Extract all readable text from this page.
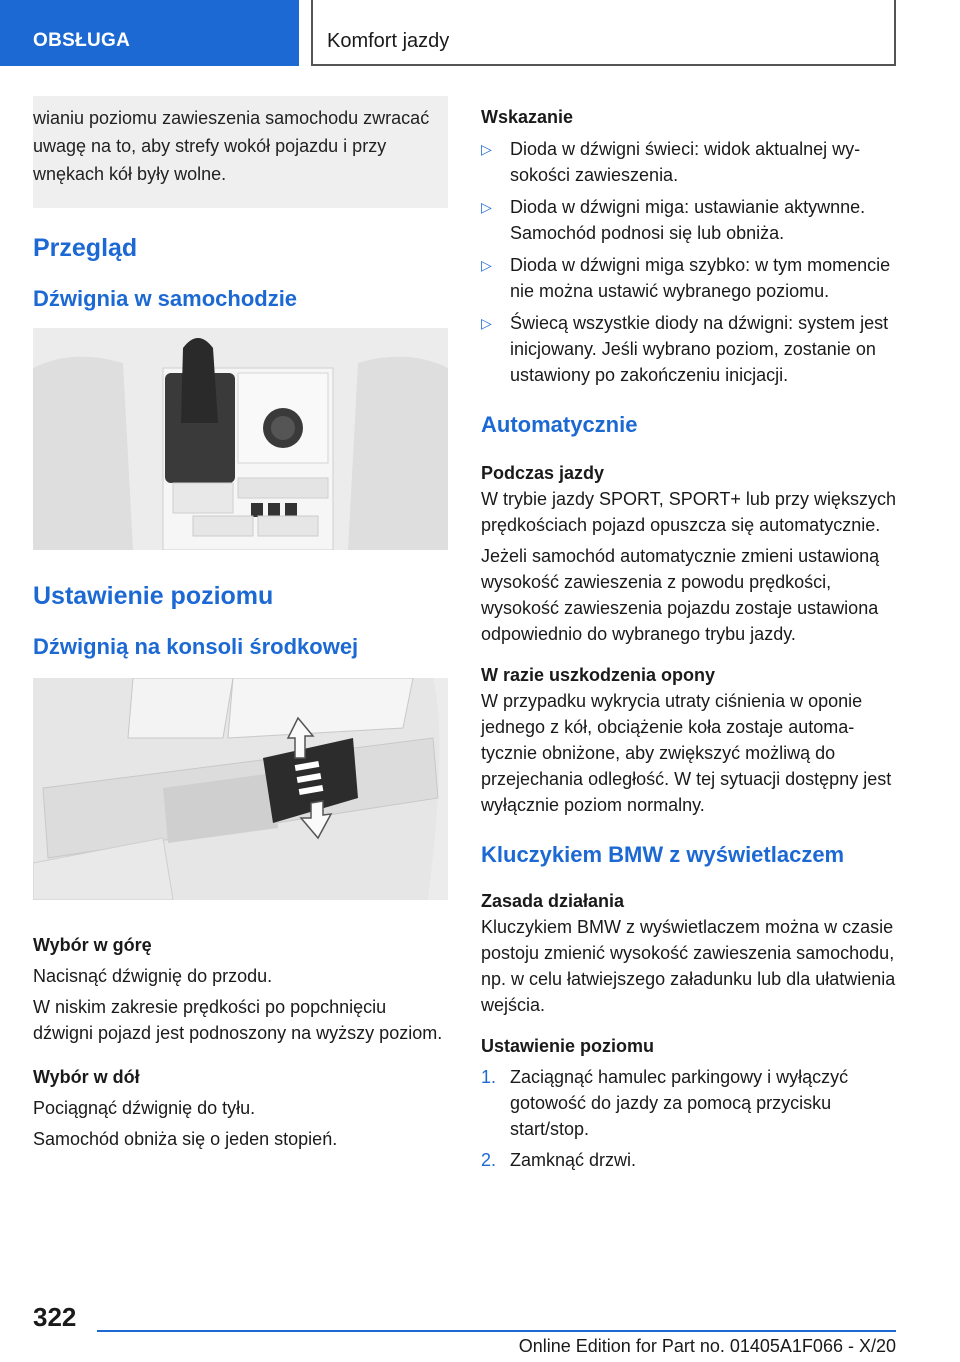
OBSŁUGA	Komfort jazdy

wianiu poziomu zawieszenia samochodu zwracać uwagę na to, aby strefy wokół pojazdu i przy wnękach kół były wolne.

Przegląd
Dźwignia w samochodzie
Ustawienie poziomu
Dźwignią na konsoli środkowej
Wybór w górę
Nacisnąć dźwignię do przodu.
W niskim zakresie prędkości po popchnięciu dźwigni pojazd jest podnoszony na wyższy poziom.
Wybór w dół
Pociągnąć dźwignię do tyłu.
Samochód obniża się o jeden stopień.
Wskazanie
▷ Dioda w dźwigni świeci: widok aktualnej wysokości zawieszenia.
▷ Dioda w dźwigni miga: ustawianie aktywnne. Samochód podnosi się lub obniża.
▷ Dioda w dźwigni miga szybko: w tym momencie nie można ustawić wybranego poziomu.
▷ Świecą wszystkie diody na dźwigni: system jest inicjowany. Jeśli wybrano poziom, zostanie on ustawiony po zakończeniu inicjacji.
Automatycznie
Podczas jazdy
W trybie jazdy SPORT, SPORT+ lub przy większych prędkościach pojazd opuszcza się automatycznie.
Jeżeli samochód automatycznie zmieni ustawioną wysokość zawieszenia z powodu prędkości, wysokość zawieszenia pojazdu zostaje ustawiona odpowiednio do wybranego trybu jazdy.
W razie uszkodzenia opony
W przypadku wykrycia utraty ciśnienia w oponie jednego z kół, obciążenie koła zostaje automatycznie obniżone, aby zwiększyć możliwą do przejechania odległość. W tej sytuacji dostępny jest wyłącznie poziom normalny.
Kluczykiem BMW z wyświetlaczem
Zasada działania
Kluczykiem BMW z wyświetlaczem można w czasie postoju zmienić wysokość zawieszenia samochodu, np. w celu łatwiejszego załadunku lub dla ułatwienia wejścia.
Ustawienie poziomu
1. Zaciągnąć hamulec parkingowy i wyłączyć gotowość do jazdy za pomocą przycisku start/stop.
2. Zamknąć drzwi.
322
Online Edition for Part no. 01405A1F066 - X/20
